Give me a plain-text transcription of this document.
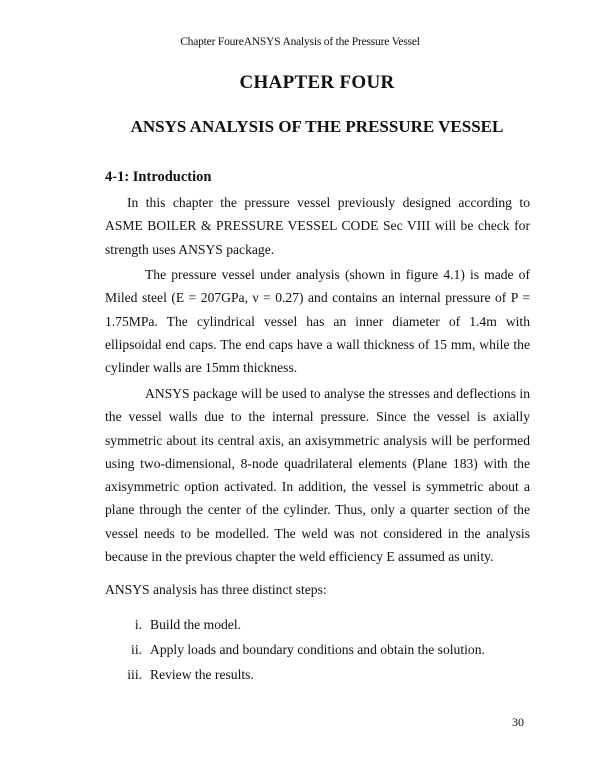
Chapter FoureANSYS Analysis of the Pressure Vessel
CHAPTER FOUR
ANSYS ANALYSIS OF THE PRESSURE VESSEL
4-1: Introduction

In this chapter the pressure vessel previously designed according to ASME BOILER & PRESSURE VESSEL CODE Sec VIII will be check for strength uses ANSYS package.

The pressure vessel under analysis (shown in figure 4.1) is made of Miled steel (E = 207GPa, ν = 0.27) and contains an internal pressure of P = 1.75MPa. The cylindrical vessel has an inner diameter of 1.4m with ellipsoidal end caps. The end caps have a wall thickness of 15 mm, while the cylinder walls are 15mm thickness.

ANSYS package will be used to analyse the stresses and deflections in the vessel walls due to the internal pressure. Since the vessel is axially symmetric about its central axis, an axisymmetric analysis will be performed using two-dimensional, 8-node quadrilateral elements (Plane 183) with the axisymmetric option activated. In addition, the vessel is symmetric about a plane through the center of the cylinder. Thus, only a quarter section of the vessel needs to be modelled. The weld was not considered in the analysis because in the previous chapter the weld efficiency E assumed as unity.

ANSYS analysis has three distinct steps:

i. Build the model.
ii. Apply loads and boundary conditions and obtain the solution.
iii. Review the results.
30
